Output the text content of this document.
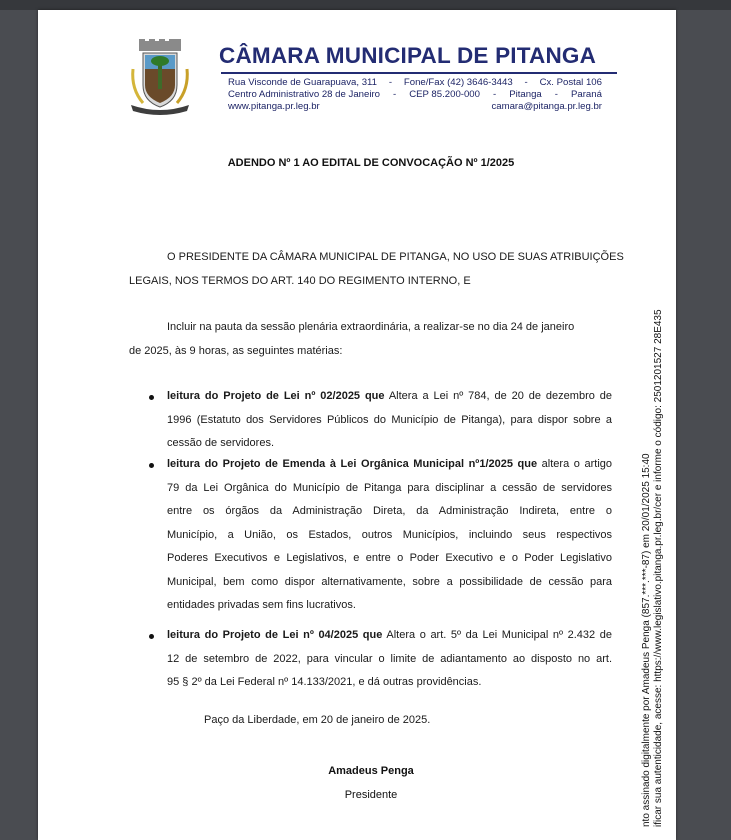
CÂMARA MUNICIPAL DE PITANGA
Rua Visconde de Guarapuava, 311 - Fone/Fax (42) 3646-3443 - Cx. Postal 106
Centro Administrativo 28 de Janeiro - CEP 85.200-000 - Pitanga - Paraná
www.pitanga.pr.leg.br	camara@pitanga.pr.leg.br
ADENDO Nº 1 AO EDITAL DE CONVOCAÇÃO Nº 1/2025
O PRESIDENTE DA CÂMARA MUNICIPAL DE PITANGA, NO USO DE SUAS ATRIBUIÇÕES
LEGAIS, NOS TERMOS DO ART. 140 DO REGIMENTO INTERNO, E
Incluir na pauta da sessão plenária extraordinária, a realizar-se no dia 24 de janeiro
de 2025, às 9 horas, as seguintes matérias:
leitura do Projeto de Lei nº 02/2025 que Altera a Lei nº 784, de 20 de dezembro de
1996 (Estatuto dos Servidores Públicos do Município de Pitanga), para dispor sobre a
cessão de servidores.
leitura do Projeto de Emenda à Lei Orgânica Municipal nº1/2025 que altera o artigo
79 da Lei Orgânica do Município de Pitanga para disciplinar a cessão de servidores
entre os órgãos da Administração Direta, da Administração Indireta, entre o
Município, a União, os Estados, outros Municípios, incluindo seus respectivos
Poderes Executivos e Legislativos, e entre o Poder Executivo e o Poder Legislativo
Municipal, bem como dispor alternativamente, sobre a possibilidade de cessão para
entidades privadas sem fins lucrativos.
leitura do Projeto de Lei nº 04/2025 que Altera o art. 5º da Lei Municipal nº 2.432 de
12 de setembro de 2022, para vincular o limite de adiantamento ao disposto no art.
95 § 2º da Lei Federal nº 14.133/2021, e dá outras providências.
Paço da Liberdade, em 20 de janeiro de 2025.
Amadeus Penga
Presidente	nto assinado digitalmente por Amadeus Penga (857.***.***-87) em 20/01/2025 15:40 ificar sua autenticidade, acesse: https://www.legislativo.pitanga.pr.leg.br/cer e informe o código: 2501201527 28E435
